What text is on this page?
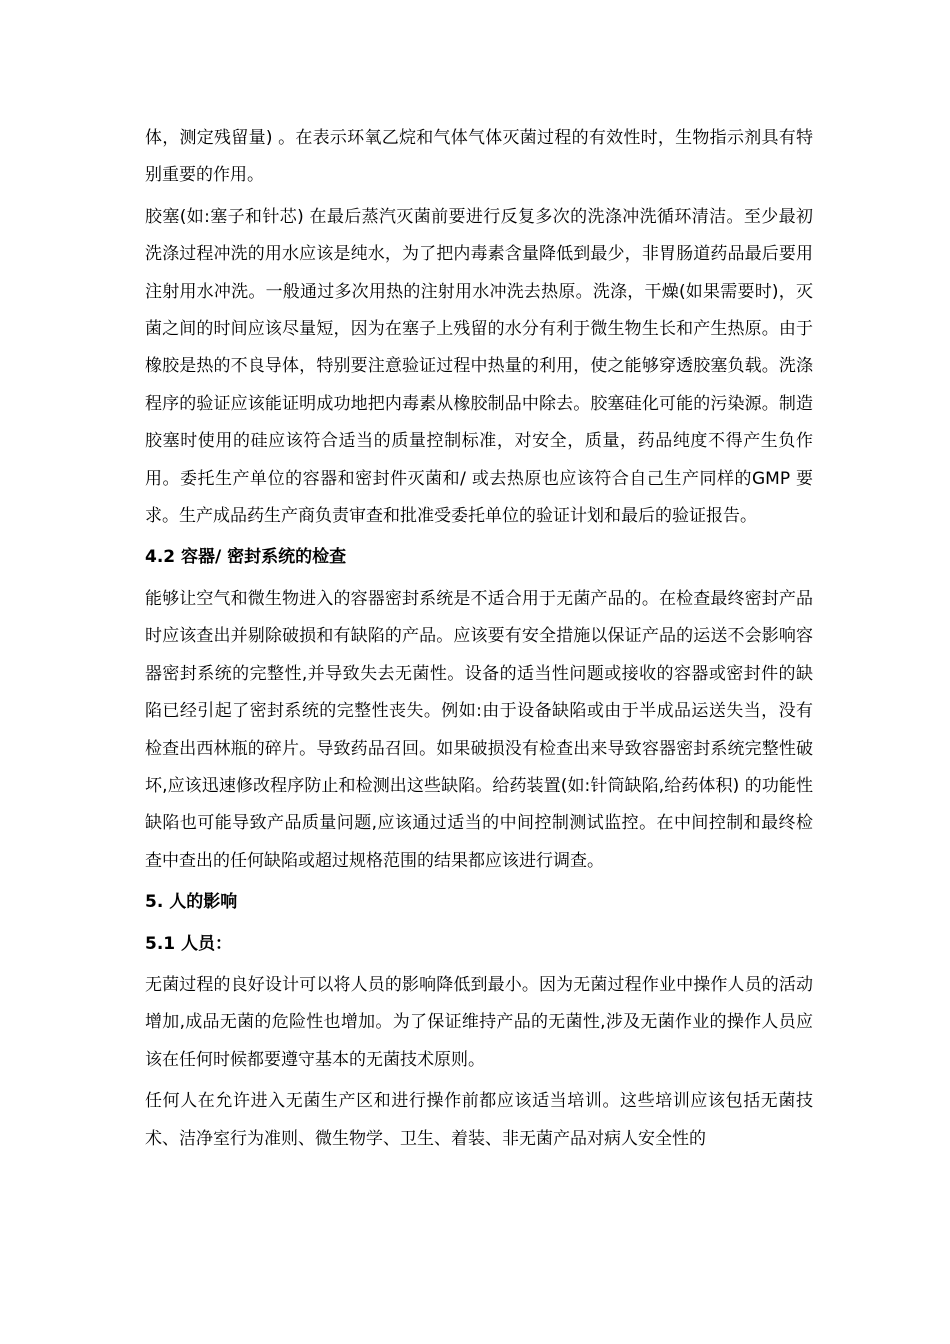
体，测定残留量) 。在表示环氧乙烷和气体气体灭菌过程的有效性时，生物指示剂具有特别重要的作用。

胶塞(如:塞子和针芯) 在最后蒸汽灭菌前要进行反复多次的洗涤冲洗循环清洁。至少最初洗涤过程冲洗的用水应该是纯水，为了把内毒素含量降低到最少，非胃肠道药品最后要用注射用水冲洗。一般通过多次用热的注射用水冲洗去热原。洗涤，干燥(如果需要时)，灭菌之间的时间应该尽量短，因为在塞子上残留的水分有利于微生物生长和产生热原。由于橡胶是热的不良导体，特别要注意验证过程中热量的利用，使之能够穿透胶塞负载。洗涤程序的验证应该能证明成功地把内毒素从橡胶制品中除去。胶塞硅化可能的污染源。制造胶塞时使用的硅应该符合适当的质量控制标准，对安全，质量，药品纯度不得产生负作用。委托生产单位的容器和密封件灭菌和/ 或去热原也应该符合自己生产同样的GMP 要求。生产成品药生产商负责审查和批准受委托单位的验证计划和最后的验证报告。

4.2 容器/ 密封系统的检查

能够让空气和微生物进入的容器密封系统是不适合用于无菌产品的。在检查最终密封产品时应该查出并剔除破损和有缺陷的产品。应该要有安全措施以保证产品的运送不会影响容器密封系统的完整性,并导致失去无菌性。设备的适当性问题或接收的容器或密封件的缺陷已经引起了密封系统的完整性丧失。例如:由于设备缺陷或由于半成品运送失当，没有检查出西林瓶的碎片。导致药品召回。如果破损没有检查出来导致容器密封系统完整性破坏,应该迅速修改程序防止和检测出这些缺陷。给药装置(如:针筒缺陷,给药体积) 的功能性缺陷也可能导致产品质量问题,应该通过适当的中间控制测试监控。在中间控制和最终检查中查出的任何缺陷或超过规格范围的结果都应该进行调查。

5. 人的影响
5.1 人员：

无菌过程的良好设计可以将人员的影响降低到最小。因为无菌过程作业中操作人员的活动增加,成品无菌的危险性也增加。为了保证维持产品的无菌性,涉及无菌作业的操作人员应该在任何时候都要遵守基本的无菌技术原则。

任何人在允许进入无菌生产区和进行操作前都应该适当培训。这些培训应该包括无菌技术、洁净室行为准则、微生物学、卫生、着装、非无菌产品对病人安全性的
